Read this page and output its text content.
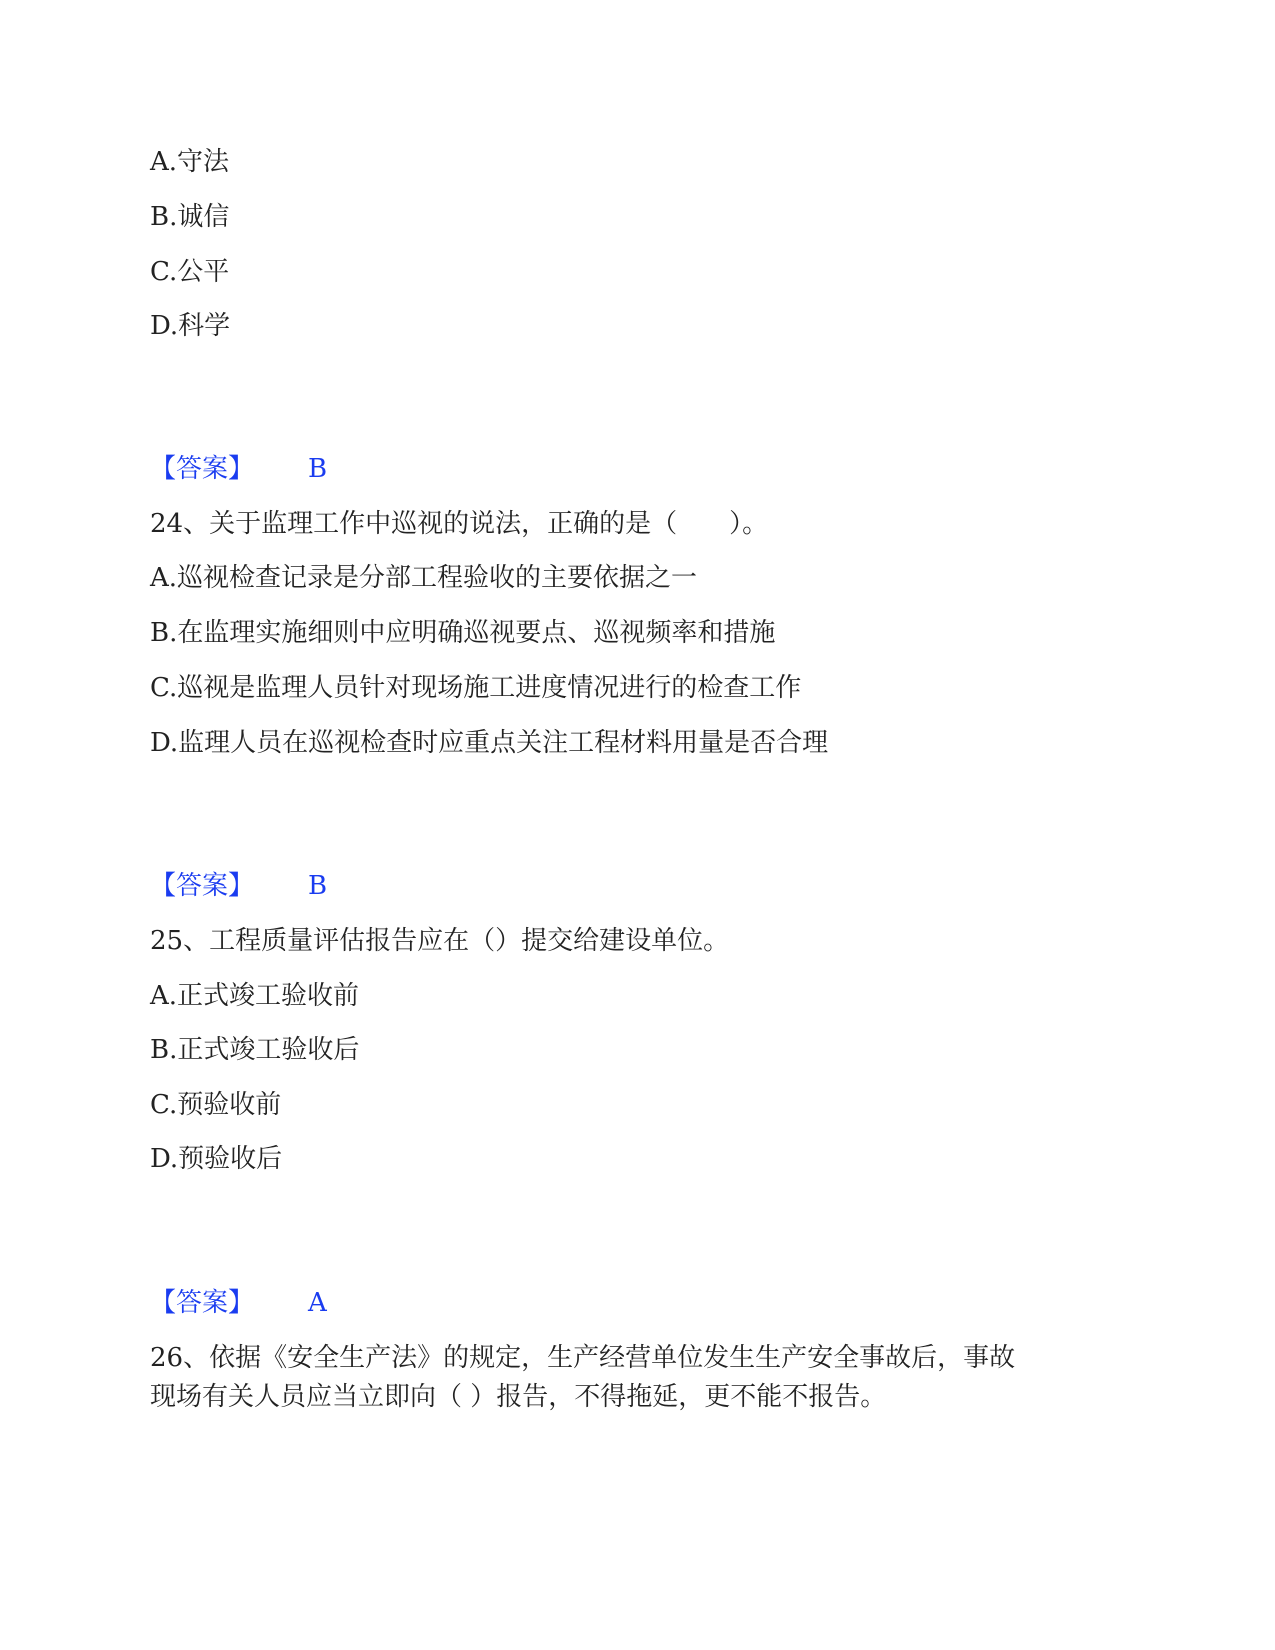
A.守法
B.诚信
C.公平
D.科学
【答案】 B
24、关于监理工作中巡视的说法，正确的是（　　）。
A.巡视检查记录是分部工程验收的主要依据之一
B.在监理实施细则中应明确巡视要点、巡视频率和措施
C.巡视是监理人员针对现场施工进度情况进行的检查工作
D.监理人员在巡视检查时应重点关注工程材料用量是否合理
【答案】 B
25、工程质量评估报告应在（）提交给建设单位。
A.正式竣工验收前
B.正式竣工验收后
C.预验收前
D.预验收后
【答案】 A
26、依据《安全生产法》的规定，生产经营单位发生生产安全事故后，事故
现场有关人员应当立即向（ ）报告，不得拖延，更不能不报告。
